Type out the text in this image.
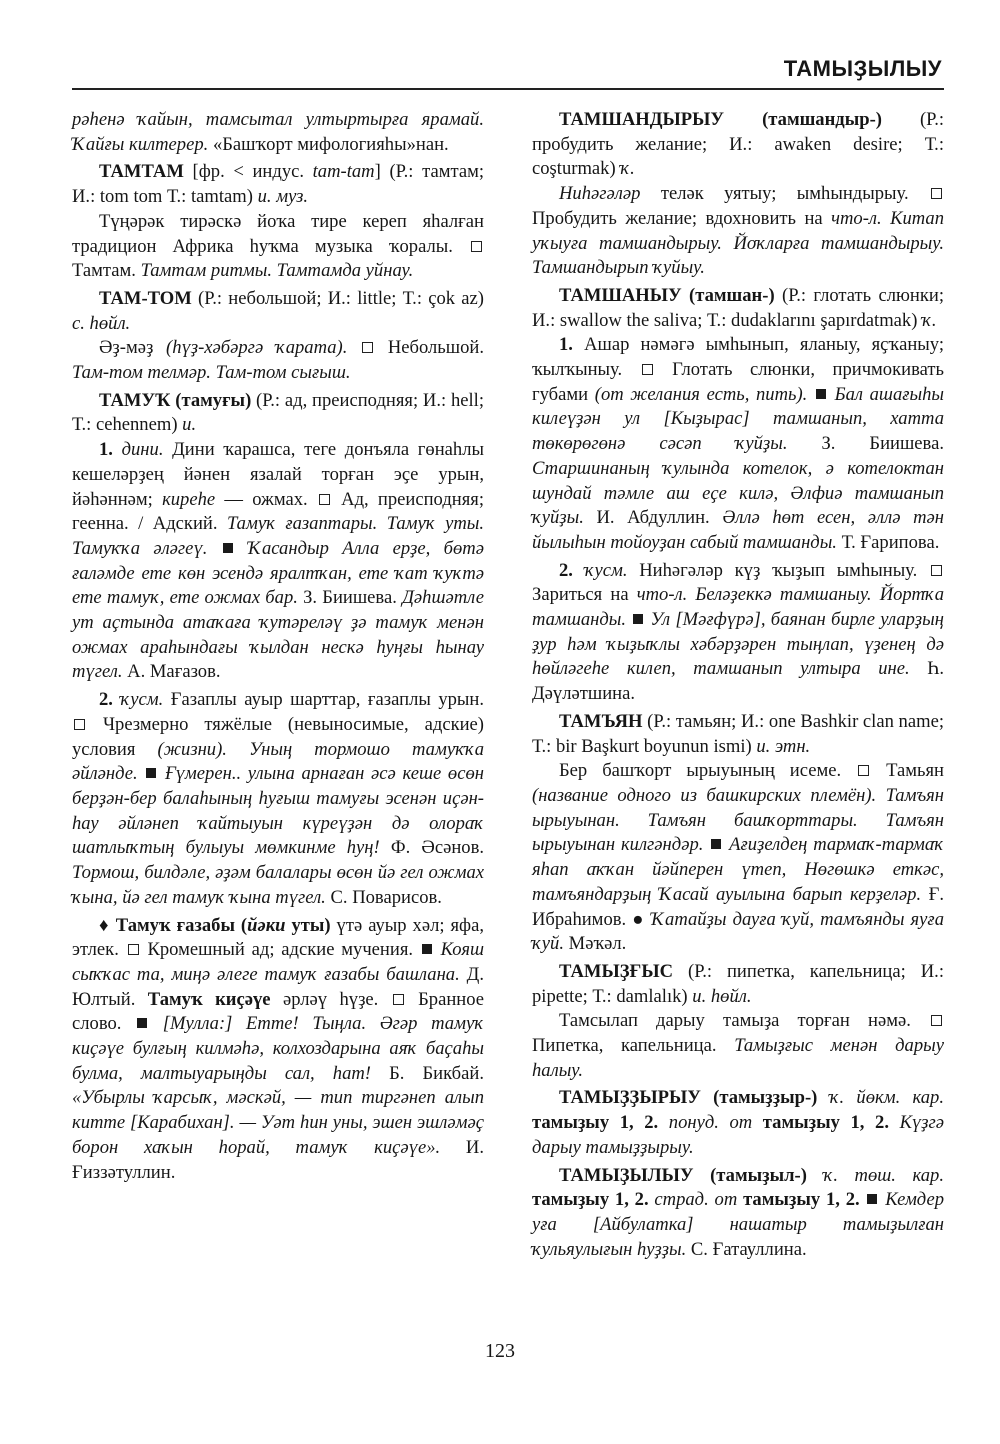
ТАМЫҘЫЛЫУ

рәһенә ҡайын, тамсытал ултыртырға ярамай. Ҡайғы килтерер. «Башҡорт мифологияһы»нан.

ТАМТАМ [фр. < индус. tam-tam] (Р.: тамтам; И.: tom tom Т.: tamtam) и. муз.

Түңәрәк тирәскә йоҡа тире кереп яһалған традицион Африка һуҡма музыка ҡоралы.  Тамтам. Тамтам ритмы. Тамтамда уйнау.

ТАМ-ТОМ (Р.: небольшой; И.: little; Т.: çok az) с. һөйл.

Әҙ-мәҙ (һүҙ-хәбәргә ҡарата).  Небольшой. Там-том телмәр. Там-том сығыш.

ТАМУҠ (тамуғы) (Р.: ад, преисподняя; И.: hell; Т.: cehennem) и.

1. дини. Дини ҡарашса, теге донъяла гөнаһлы кешеләрҙең йәнен язалай торған эҫе урын, йәһәннәм; киреһе — ожмах.  Ад, преисподняя; геенна. / Адский. Тамуҡ ғазаптары. Тамуҡ уты. Тамуҡҡа әләгеү. Ҡасандыр Алла ерҙе, бөтә ғаләмде ете көн эсендә яралтҡан, ете ҡат ҡуҡтә ете тамуҡ, ете ожмах бар. З. Биишева. Дәһшәтле ут аҫтында атаҡаға ҡутәреләү ҙә тамуҡ менән ожмах араһындағы ҡылдан нескә һуңғы һынау түгел. А. Мағазов.

2. ҡусм. Ғазаплы ауыр шарттар, ғазаплы урын.  Чрезмерно тяжёлые (невыносимые, адские) условия (жизни). Уның тормошо тамуҡҡа әйләнде. Ғүмерен.. улына арнаған әсә кеше өсөн берҙән-бер балаһының һуғыш тамуғы эсенән иҫән-һау әйләнеп ҡайтыуын күреүҙән дә олораҡ шатлыҡтың булыуы мөмкинме һуң! Ф. Әсәнов. Тормош, билдәле, әҙәм балалары өсөн йә гел ожмах ҡына, йә гел тамуҡ ҡына түгел. С. Поварисов.

♦ Тамуҡ ғазабы (йәки уты) үтә ауыр хәл; яфа, этлек.  Кромешный ад; адские мучения.  Кояш сыҡҡас та, миңә әлеге тамуҡ ғазабы башлана. Д. Юлтый. Тамуҡ киҫәүе әрләү һүҙе.  Бранное слово.  [Мулла:] Етте! Тыңла. Әгәр тамуҡ киҫәүе булғың килмәһә, колхоздарына аяҡ баҫаһы булма, малтыуарыңды сал, һат! Б. Бикбай. «Убырлы ҡарсыҡ, мәскәй, — тип тиргәнеп алып китте [Карабихан]. — Уәт һин уны, эшен эшләмәҫ борон хаҡын һорай, тамуҡ киҫәүе». И. Ғиззәтуллин.

ТАМШАНДЫРЫУ (тамшандыр-) (Р.: пробудить желание; И.: awaken desire; Т.: coşturmak) ҡ.

Ниһәгәләр теләк уятыу; ымһындырыу.  Пробудить желание; вдохновить на что-л. Китап уҡыуға тамшандырыу. Йоҡларға тамшандырыу. Тамшандырып ҡуйыу.

ТАМШАНЫУ (тамшан-) (Р.: глотать слюнки; И.: swallow the saliva; Т.: dudaklarını şapırdatmak) ҡ.

1. Ашар нәмәгә ымһынып, яланыу, яҫҡаныу; ҡылҡыныу.  Глотать слюнки, причмокивать губами (от желания есть, пить). Бал ашағыһы килеүҙән ул [Кыҙырас] тамшанып, хатта төкөрөгөнә сәсәп ҡуйҙы. З. Биишева. Старшинаның ҡулында котелок, ә котелоктан шундай тәмле аш еҫе килә, Әлфиә тамшанып ҡуйҙы. И. Абдуллин. Әллә һөт есен, әллә тән йылыһын тойоуҙан сабый тамшанды. Т. Ғарипова.

2. ҡусм. Ниһәгәләр күҙ ҡыҙып ымһыныу.  Зариться на что-л. Беләҙеккә тамшаныу. Йортҡа тамшанды. Ул [Мәғфүрә], баянан бирле уларҙың ҙур һәм ҡыҙыҡлы хәбәрҙәрен тыңлап, үҙенең дә һөйләгеһе килеп, тамшанып ултыра ине. Һ. Дәүләтшина.

ТАМЪЯН (Р.: тамьян; И.: one Bashkir clan name; Т.: bir Başkurt boyunun ismi) и. этн.

Бер башҡорт ырыуының исеме.  Тамьян (название одного из башкирских племён). Тамъян ырыуынан. Тамъян башҡорттары. Тамъян ырыуынан килгәндәр. Ағиҙелдең тармаҡ-тармаҡ яһап аҡҡан йәйперен үтеп, Нөгөшкә еткәс, тамъяндарҙың Ҡасай ауылына барып керҙеләр. Ғ. Ибраһимов. ● Ҡатайҙы дауға ҡуй, тамъянды яуға ҡуй. Мәҡәл.

ТАМЫҘҒЫС (Р.: пипетка, капельница; И.: pipette; Т.: damlalık) и. һөйл.

Тамсылап дарыу тамыҙа торған нәмә.  Пипетка, капельница. Тамыҙғыс менән дарыу һалыу.

ТАМЫҘҘЫРЫУ (тамыҙҙыр-) ҡ. йөкм. кар. тамыҙыу 1, 2. понуд. от тамыҙыу 1, 2. Күҙгә дарыу тамыҙҙырыу.

ТАМЫҘЫЛЫУ (тамыҙыл-) ҡ. төш. кар. тамыҙыу 1, 2. страд. от тамыҙыу 1, 2. Кемдер уға [Айбулатка] нашатыр тамыҙылған ҡульяулығын һуҙҙы. С. Ғатауллина.

123
